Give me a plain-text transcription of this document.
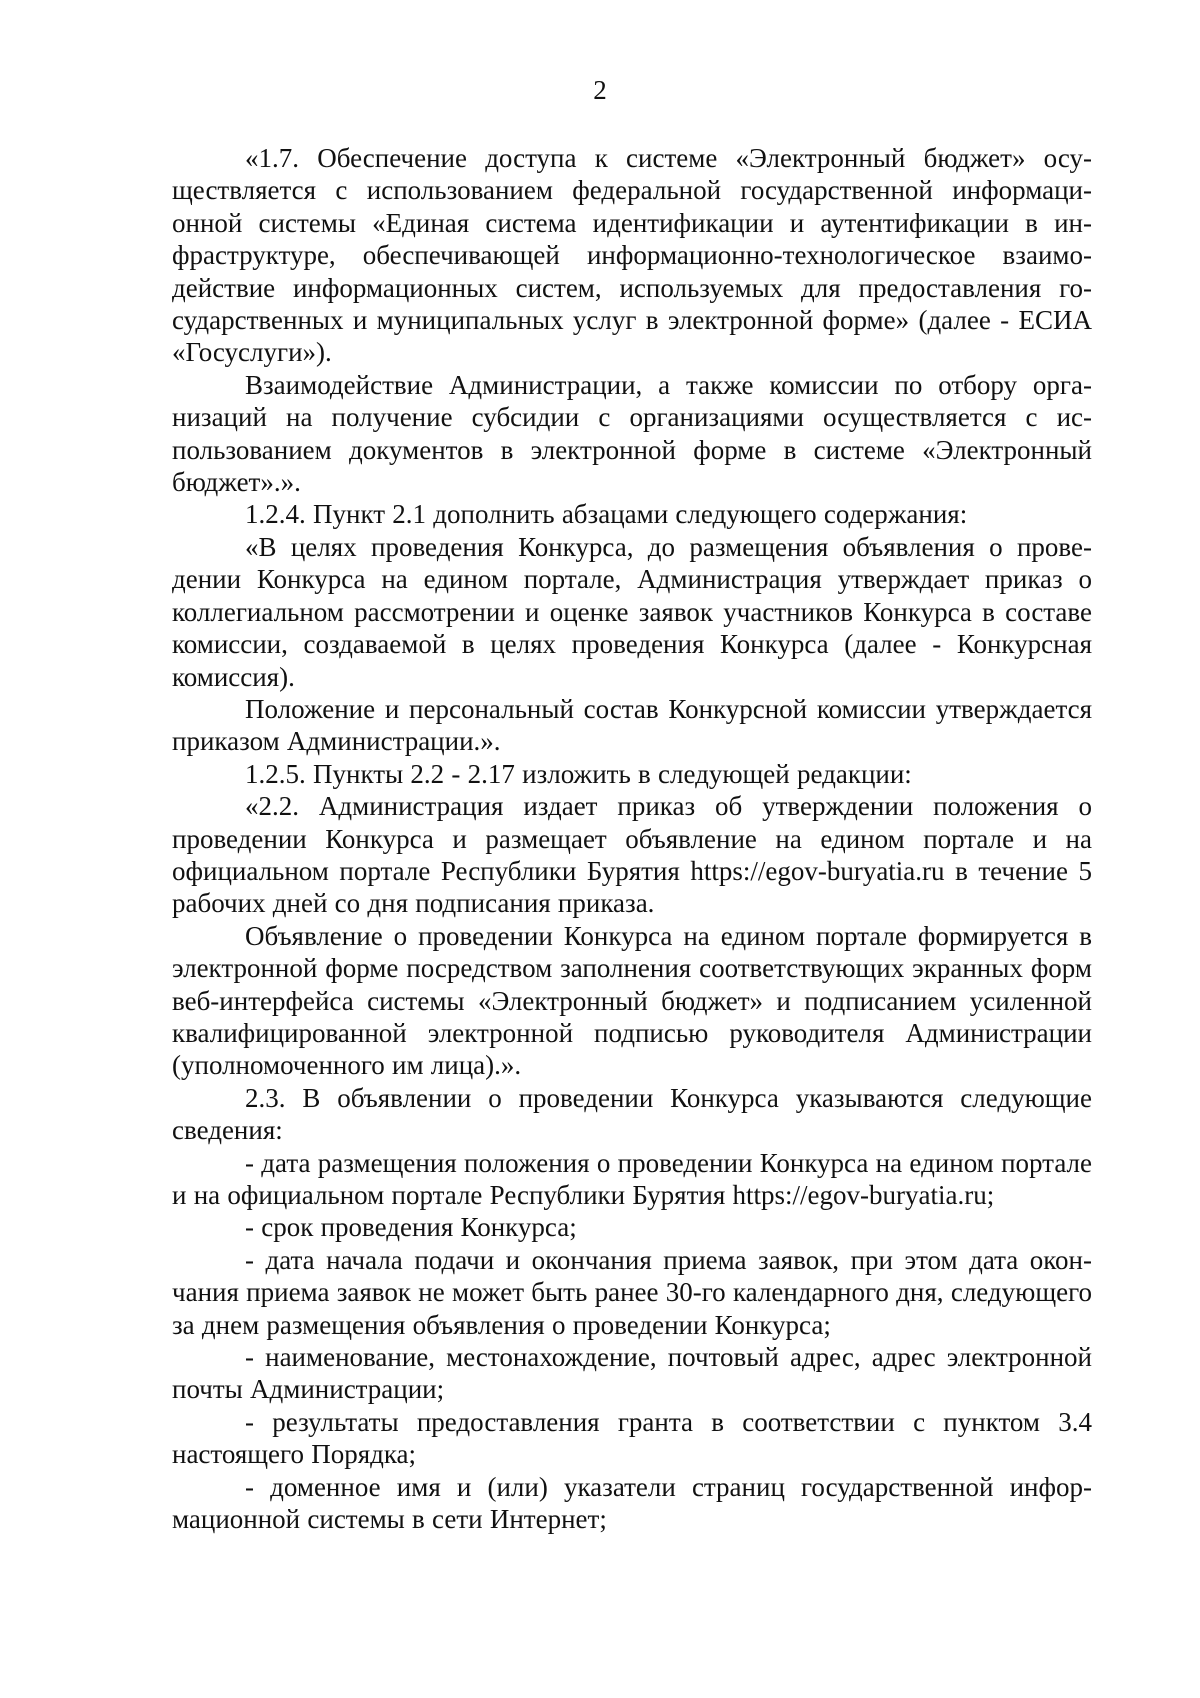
2

«1.7. Обеспечение доступа к системе «Электронный бюджет» осуществляется с использованием федеральной государственной информационной системы «Единая система идентификации и аутентификации в инфраструктуре, обеспечивающей информационно-технологическое взаимодействие информационных систем, используемых для предоставления государственных и муниципальных услуг в электронной форме» (далее - ЕСИА «Госуслуги»).

Взаимодействие Администрации, а также комиссии по отбору организаций на получение субсидии с организациями осуществляется с использованием документов в электронной форме в системе «Электронный бюджет».».

1.2.4. Пункт 2.1 дополнить абзацами следующего содержания:

«В целях проведения Конкурса, до размещения объявления о проведении Конкурса на едином портале, Администрация утверждает приказ о коллегиальном рассмотрении и оценке заявок участников Конкурса в составе комиссии, создаваемой в целях проведения Конкурса (далее - Конкурсная комиссия).

Положение и персональный состав Конкурсной комиссии утверждается приказом Администрации.».

1.2.5. Пункты 2.2 - 2.17 изложить в следующей редакции:

«2.2. Администрация издает приказ об утверждении положения о проведении Конкурса и размещает объявление на едином портале и на официальном портале Республики Бурятия https://egov-buryatia.ru в течение 5 рабочих дней со дня подписания приказа.

Объявление о проведении Конкурса на едином портале формируется в электронной форме посредством заполнения соответствующих экранных форм веб-интерфейса системы «Электронный бюджет» и подписанием усиленной квалифицированной электронной подписью руководителя Администрации (уполномоченного им лица).».

2.3. В объявлении о проведении Конкурса указываются следующие сведения:

- дата размещения положения о проведении Конкурса на едином портале и на официальном портале Республики Бурятия https://egov-buryatia.ru;

- срок проведения Конкурса;

- дата начала подачи и окончания приема заявок, при этом дата окончания приема заявок не может быть ранее 30-го календарного дня, следующего за днем размещения объявления о проведении Конкурса;

- наименование, местонахождение, почтовый адрес, адрес электронной почты Администрации;

- результаты предоставления гранта в соответствии с пунктом 3.4 настоящего Порядка;

- доменное имя и (или) указатели страниц государственной информационной системы в сети Интернет;
